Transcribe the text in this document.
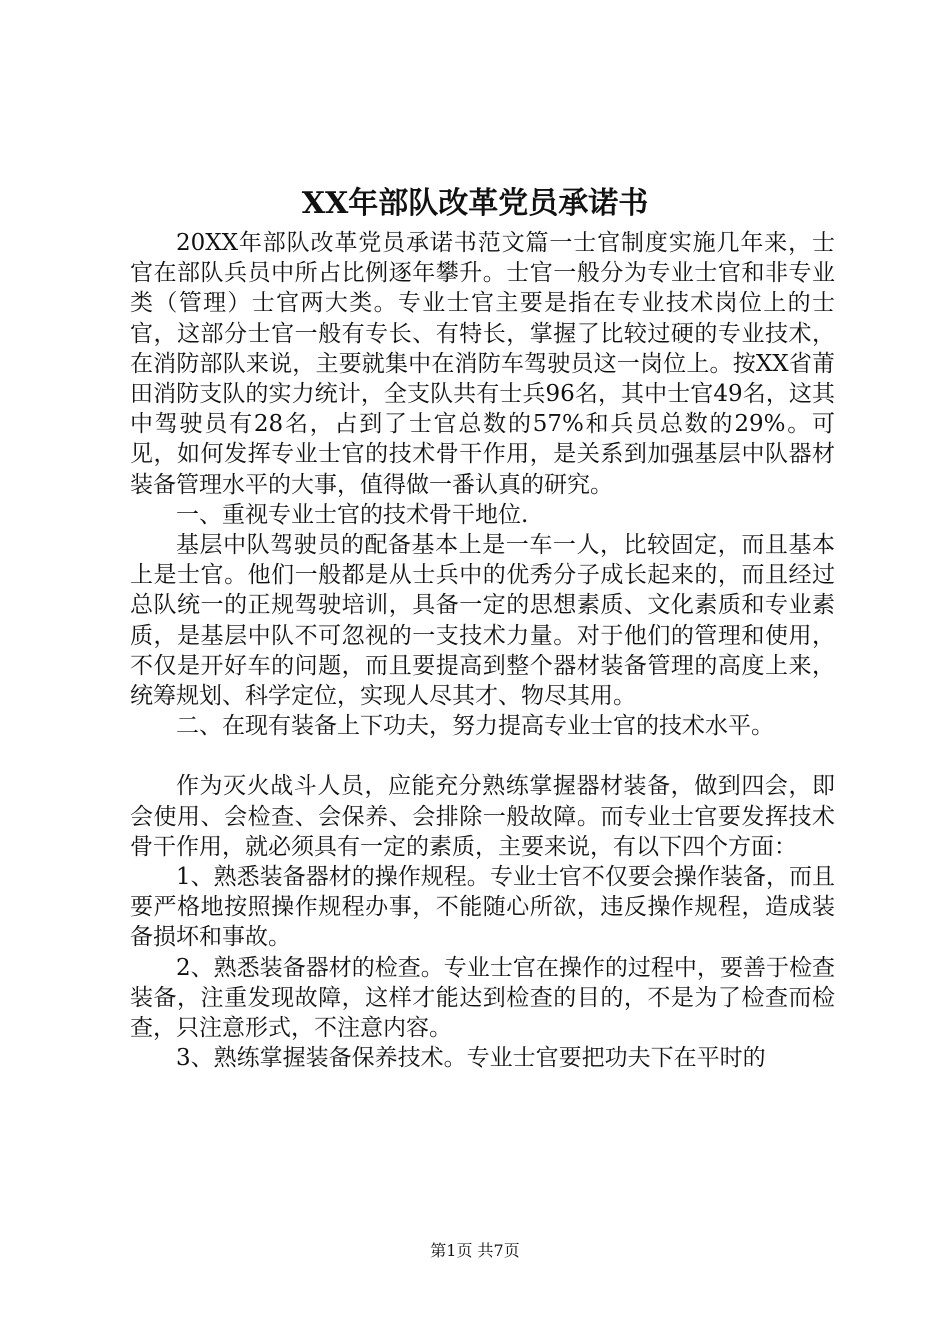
XX年部队改革党员承诺书

20XX年部队改革党员承诺书范文篇一士官制度实施几年来，士官在部队兵员中所占比例逐年攀升。士官一般分为专业士官和非专业类（管理）士官两大类。专业士官主要是指在专业技术岗位上的士官，这部分士官一般有专长、有特长，掌握了比较过硬的专业技术，在消防部队来说，主要就集中在消防车驾驶员这一岗位上。按XX省莆田消防支队的实力统计，全支队共有士兵96名，其中士官49名，这其中驾驶员有28名，占到了士官总数的57%和兵员总数的29%。可见，如何发挥专业士官的技术骨干作用，是关系到加强基层中队器材装备管理水平的大事，值得做一番认真的研究。

一、重视专业士官的技术骨干地位.

基层中队驾驶员的配备基本上是一车一人，比较固定，而且基本上是士官。他们一般都是从士兵中的优秀分子成长起来的，而且经过总队统一的正规驾驶培训，具备一定的思想素质、文化素质和专业素质，是基层中队不可忽视的一支技术力量。对于他们的管理和使用，不仅是开好车的问题，而且要提高到整个器材装备管理的高度上来，统筹规划、科学定位，实现人尽其才、物尽其用。

二、在现有装备上下功夫，努力提高专业士官的技术水平。

作为灭火战斗人员，应能充分熟练掌握器材装备，做到四会，即会使用、会检查、会保养、会排除一般故障。而专业士官要发挥技术骨干作用，就必须具有一定的素质，主要来说，有以下四个方面：

1、熟悉装备器材的操作规程。专业士官不仅要会操作装备，而且要严格地按照操作规程办事，不能随心所欲，违反操作规程，造成装备损坏和事故。

2、熟悉装备器材的检查。专业士官在操作的过程中，要善于检查装备，注重发现故障，这样才能达到检查的目的，不是为了检查而检查，只注意形式，不注意内容。

3、熟练掌握装备保养技术。专业士官要把功夫下在平时的

第1页 共7页
